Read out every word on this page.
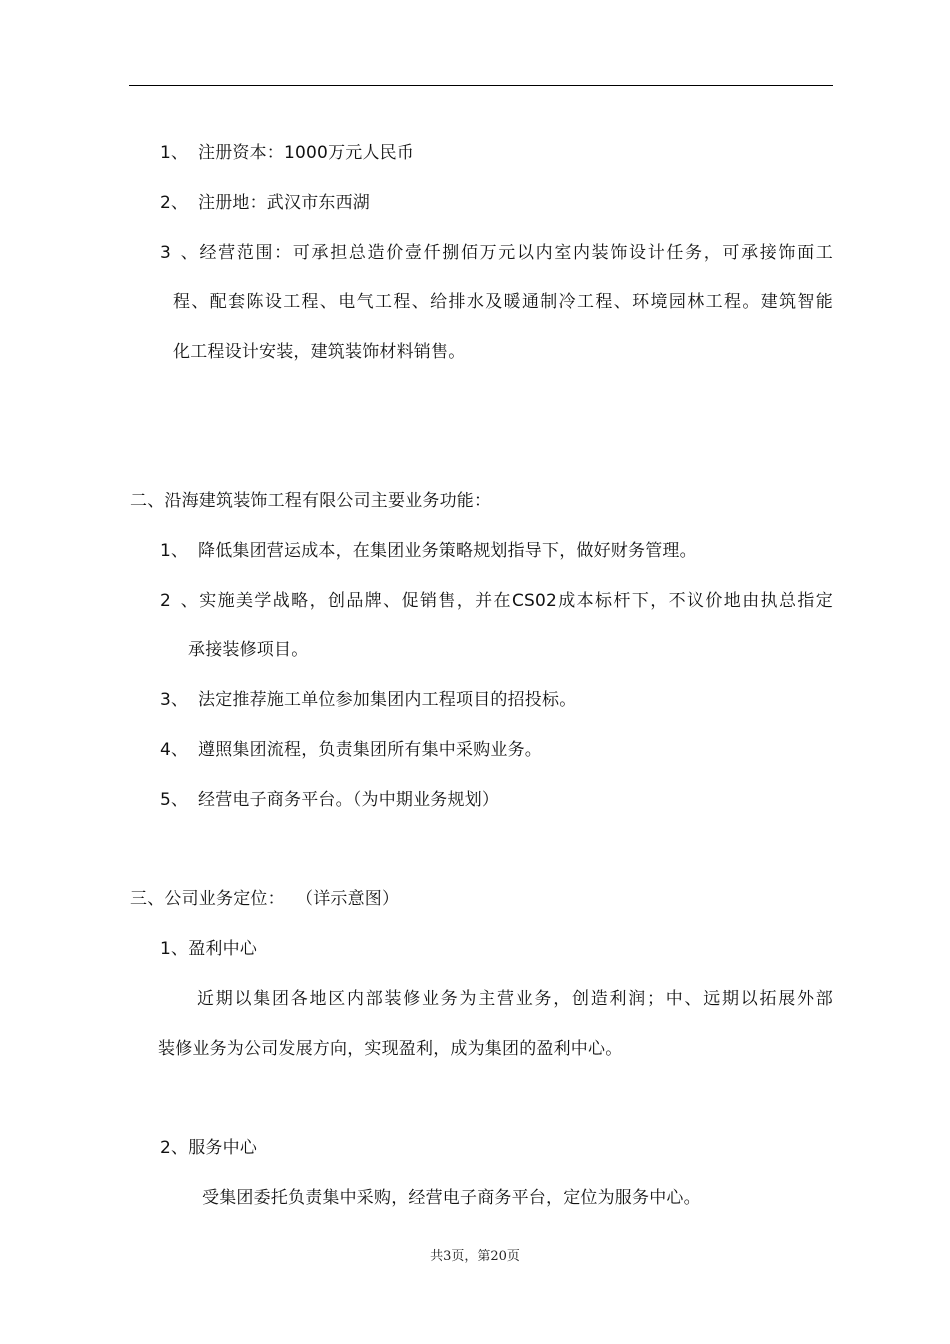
1、 注册资本：1000万元人民币
2、 注册地：武汉市东西湖
3、经营范围：可承担总造价壹仟捌佰万元以内室内装饰设计任务，可承接饰面工
程、配套陈设工程、电气工程、给排水及暖通制冷工程、环境园林工程。建筑智能
化工程设计安装，建筑装饰材料销售。
二、沿海建筑装饰工程有限公司主要业务功能：
1、 降低集团营运成本，在集团业务策略规划指导下，做好财务管理。
2、实施美学战略，创品牌、促销售，并在CS02成本标杆下，不议价地由执总指定
承接装修项目。
3、 法定推荐施工单位参加集团内工程项目的招投标。
4、 遵照集团流程，负责集团所有集中采购业务。
5、 经营电子商务平台。（为中期业务规划）
三、公司业务定位：  （详示意图）
1、盈利中心
近期以集团各地区内部装修业务为主营业务，创造利润；中、远期以拓展外部
装修业务为公司发展方向，实现盈利，成为集团的盈利中心。
2、服务中心
受集团委托负责集中采购，经营电子商务平台，定位为服务中心。
共3页，第20页
